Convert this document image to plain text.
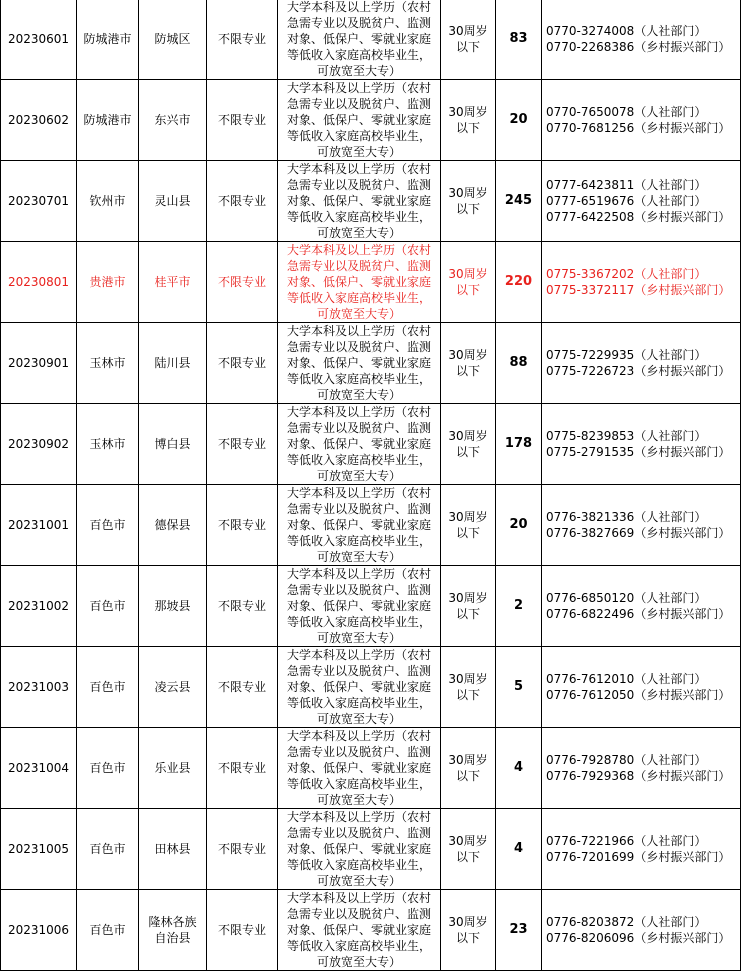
20230601	防城港市	防城区	不限专业	大学本科及以上学历（农村
急需专业以及脱贫户、监测
对象、低保户、零就业家庭
等低收入家庭高校毕业生，
可放宽至大专）	30周岁
以下	83	0770-3274008（人社部门）
0770-2268386（乡村振兴部门）

20230602	防城港市	东兴市	不限专业	大学本科及以上学历（农村
急需专业以及脱贫户、监测
对象、低保户、零就业家庭
等低收入家庭高校毕业生，
可放宽至大专）	30周岁
以下	20	0770-7650078（人社部门）
0770-7681256（乡村振兴部门）

20230701	钦州市	灵山县	不限专业	大学本科及以上学历（农村
急需专业以及脱贫户、监测
对象、低保户、零就业家庭
等低收入家庭高校毕业生，
可放宽至大专）	30周岁
以下	245	0777-6423811（人社部门）
0777-6519676（人社部门）
0777-6422508（乡村振兴部门）

20230801	贵港市	桂平市	不限专业	大学本科及以上学历（农村
急需专业以及脱贫户、监测
对象、低保户、零就业家庭
等低收入家庭高校毕业生，
可放宽至大专）	30周岁
以下	220	0775-3367202（人社部门）
0775-3372117（乡村振兴部门）

20230901	玉林市	陆川县	不限专业	大学本科及以上学历（农村
急需专业以及脱贫户、监测
对象、低保户、零就业家庭
等低收入家庭高校毕业生，
可放宽至大专）	30周岁
以下	88	0775-7229935（人社部门）
0775-7226723（乡村振兴部门）

20230902	玉林市	博白县	不限专业	大学本科及以上学历（农村
急需专业以及脱贫户、监测
对象、低保户、零就业家庭
等低收入家庭高校毕业生，
可放宽至大专）	30周岁
以下	178	0775-8239853（人社部门）
0775-2791535（乡村振兴部门）

20231001	百色市	德保县	不限专业	大学本科及以上学历（农村
急需专业以及脱贫户、监测
对象、低保户、零就业家庭
等低收入家庭高校毕业生，
可放宽至大专）	30周岁
以下	20	0776-3821336（人社部门）
0776-3827669（乡村振兴部门）

20231002	百色市	那坡县	不限专业	大学本科及以上学历（农村
急需专业以及脱贫户、监测
对象、低保户、零就业家庭
等低收入家庭高校毕业生，
可放宽至大专）	30周岁
以下	2	0776-6850120（人社部门）
0776-6822496（乡村振兴部门）

20231003	百色市	凌云县	不限专业	大学本科及以上学历（农村
急需专业以及脱贫户、监测
对象、低保户、零就业家庭
等低收入家庭高校毕业生，
可放宽至大专）	30周岁
以下	5	0776-7612010（人社部门）
0776-7612050（乡村振兴部门）

20231004	百色市	乐业县	不限专业	大学本科及以上学历（农村
急需专业以及脱贫户、监测
对象、低保户、零就业家庭
等低收入家庭高校毕业生，
可放宽至大专）	30周岁
以下	4	0776-7928780（人社部门）
0776-7929368（乡村振兴部门）

20231005	百色市	田林县	不限专业	大学本科及以上学历（农村
急需专业以及脱贫户、监测
对象、低保户、零就业家庭
等低收入家庭高校毕业生，
可放宽至大专）	30周岁
以下	4	0776-7221966（人社部门）
0776-7201699（乡村振兴部门）

20231006	百色市	隆林各族
自治县	不限专业	大学本科及以上学历（农村
急需专业以及脱贫户、监测
对象、低保户、零就业家庭
等低收入家庭高校毕业生，
可放宽至大专）	30周岁
以下	23	0776-8203872（人社部门）
0776-8206096（乡村振兴部门）
